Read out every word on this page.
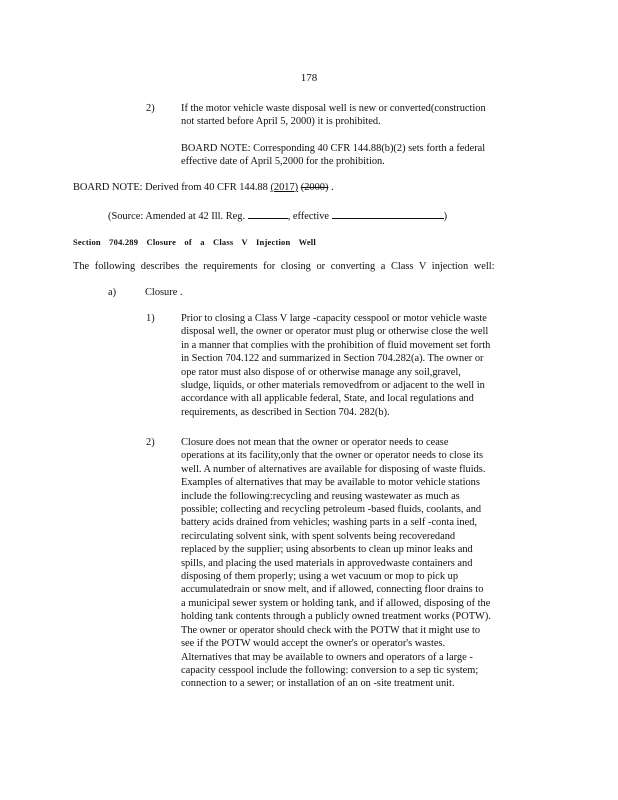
178
2)	If the motor vehicle waste disposal well is new or converted(construction
not started before April 5, 2000) it is prohibited.
BOARD NOTE: Corresponding 40 CFR 144.88(b)(2) sets forth a federal
effective date of April 5,2000 for the prohibition.
BOARD NOTE: Derived from 40 CFR 144.88 (2017) (2000) .
(Source: Amended at 42 Ill. Reg.	, effective	)
Section 704.289 Closure of a Class V Injection Well
The following describes the requirements for closing or converting a Class V injection well:
a)	Closure .
1)	Prior to closing a Class V large -capacity cesspool or motor vehicle waste
disposal well, the owner or operator must plug or otherwise close the well
in a manner that complies with the prohibition of fluid movement set forth
in Section 704.122 and summarized in Section 704.282(a). The owner or
ope rator must also dispose of or otherwise manage any soil,gravel,
sludge, liquids, or other materials removedfrom or adjacent to the well in
accordance with all applicable federal, State, and local regulations and
requirements, as described in Section 704. 282(b).
2)	Closure does not mean that the owner or operator needs to cease
operations at its facility,only that the owner or operator needs to close its
well. A number of alternatives are available for disposing of waste fluids.
Examples of alternatives that may be available to motor vehicle stations
include the following:recycling and reusing wastewater as much as
possible; collecting and recycling petroleum -based fluids, coolants, and
battery acids drained from vehicles; washing parts in a self -conta ined,
recirculating solvent sink, with spent solvents being recoveredand
replaced by the supplier; using absorbents to clean up minor leaks and
spills, and placing the used materials in approvedwaste containers and
disposing of them properly; using a wet vacuum or mop to pick up
accumulatedrain or snow melt, and if allowed, connecting floor drains to
a municipal sewer system or holding tank, and if allowed, disposing of the
holding tank contents through a publicly owned treatment works (POTW).
The owner or operator should check with the POTW that it might use to
see if the POTW would accept the owner's or operator's wastes.
Alternatives that may be available to owners and operators of a large -
capacity cesspool include the following: conversion to a sep tic system;
connection to a sewer; or installation of an on -site treatment unit.
